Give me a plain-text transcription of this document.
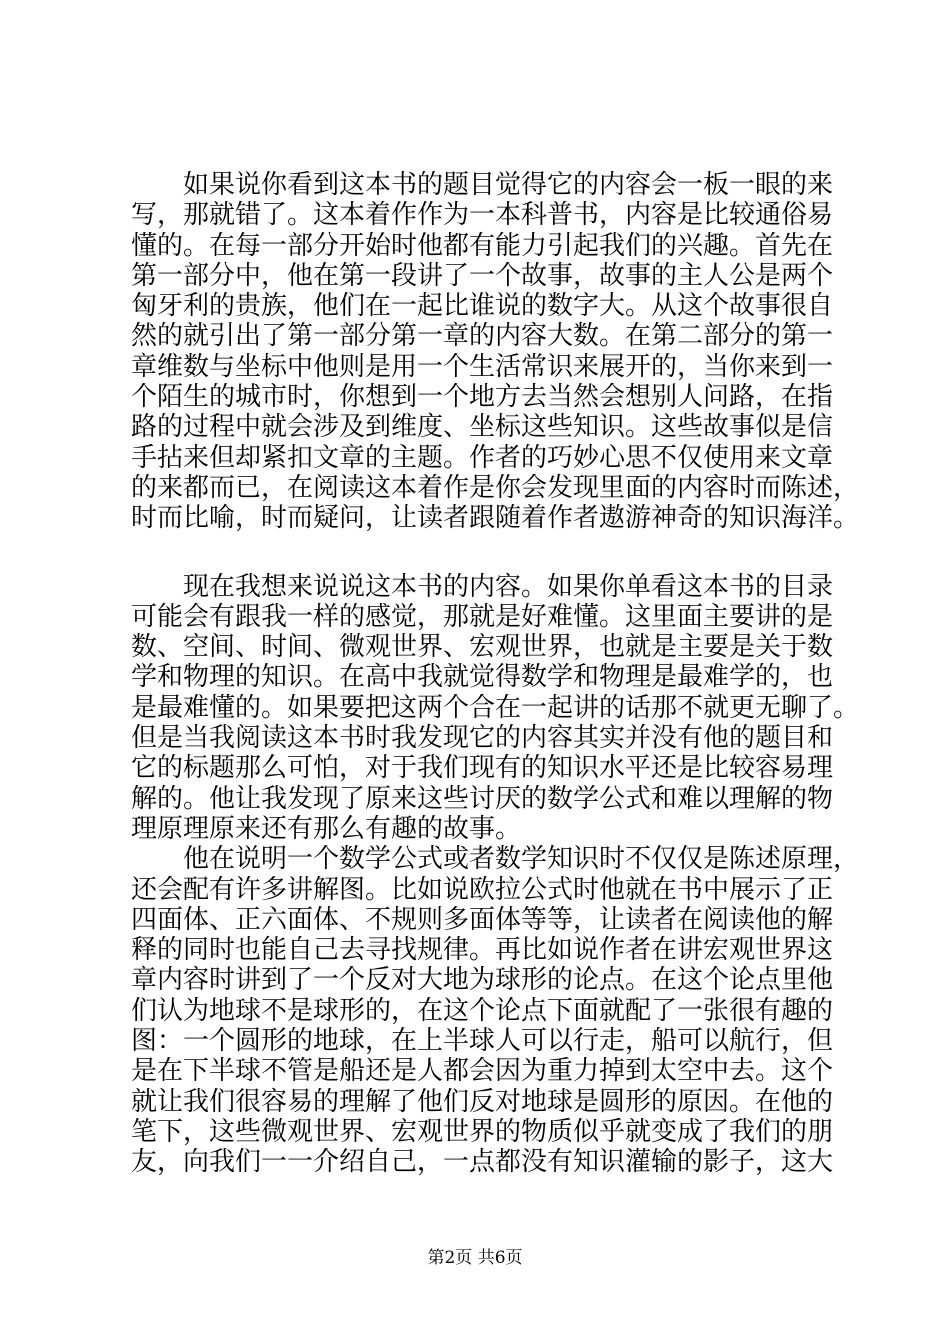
　　如果说你看到这本书的题目觉得它的内容会一板一眼的来
写，那就错了。这本着作作为一本科普书，内容是比较通俗易
懂的。在每一部分开始时他都有能力引起我们的兴趣。首先在
第一部分中，他在第一段讲了一个故事，故事的主人公是两个
匈牙利的贵族，他们在一起比谁说的数字大。从这个故事很自
然的就引出了第一部分第一章的内容大数。在第二部分的第一
章维数与坐标中他则是用一个生活常识来展开的，当你来到一
个陌生的城市时，你想到一个地方去当然会想别人问路，在指
路的过程中就会涉及到维度、坐标这些知识。这些故事似是信
手拈来但却紧扣文章的主题。作者的巧妙心思不仅使用来文章
的来都而已，在阅读这本着作是你会发现里面的内容时而陈述，
时而比喻，时而疑问，让读者跟随着作者遨游神奇的知识海洋。
　　现在我想来说说这本书的内容。如果你单看这本书的目录
可能会有跟我一样的感觉，那就是好难懂。这里面主要讲的是
数、空间、时间、微观世界、宏观世界，也就是主要是关于数
学和物理的知识。在高中我就觉得数学和物理是最难学的，也
是最难懂的。如果要把这两个合在一起讲的话那不就更无聊了。
但是当我阅读这本书时我发现它的内容其实并没有他的题目和
它的标题那么可怕，对于我们现有的知识水平还是比较容易理
解的。他让我发现了原来这些讨厌的数学公式和难以理解的物
理原理原来还有那么有趣的故事。
　　他在说明一个数学公式或者数学知识时不仅仅是陈述原理，
还会配有许多讲解图。比如说欧拉公式时他就在书中展示了正
四面体、正六面体、不规则多面体等等，让读者在阅读他的解
释的同时也能自己去寻找规律。再比如说作者在讲宏观世界这
章内容时讲到了一个反对大地为球形的论点。在这个论点里他
们认为地球不是球形的，在这个论点下面就配了一张很有趣的
图：一个圆形的地球，在上半球人可以行走，船可以航行，但
是在下半球不管是船还是人都会因为重力掉到太空中去。这个
就让我们很容易的理解了他们反对地球是圆形的原因。在他的
笔下，这些微观世界、宏观世界的物质似乎就变成了我们的朋
友，向我们一一介绍自己，一点都没有知识灌输的影子，这大
第2页 共6页
